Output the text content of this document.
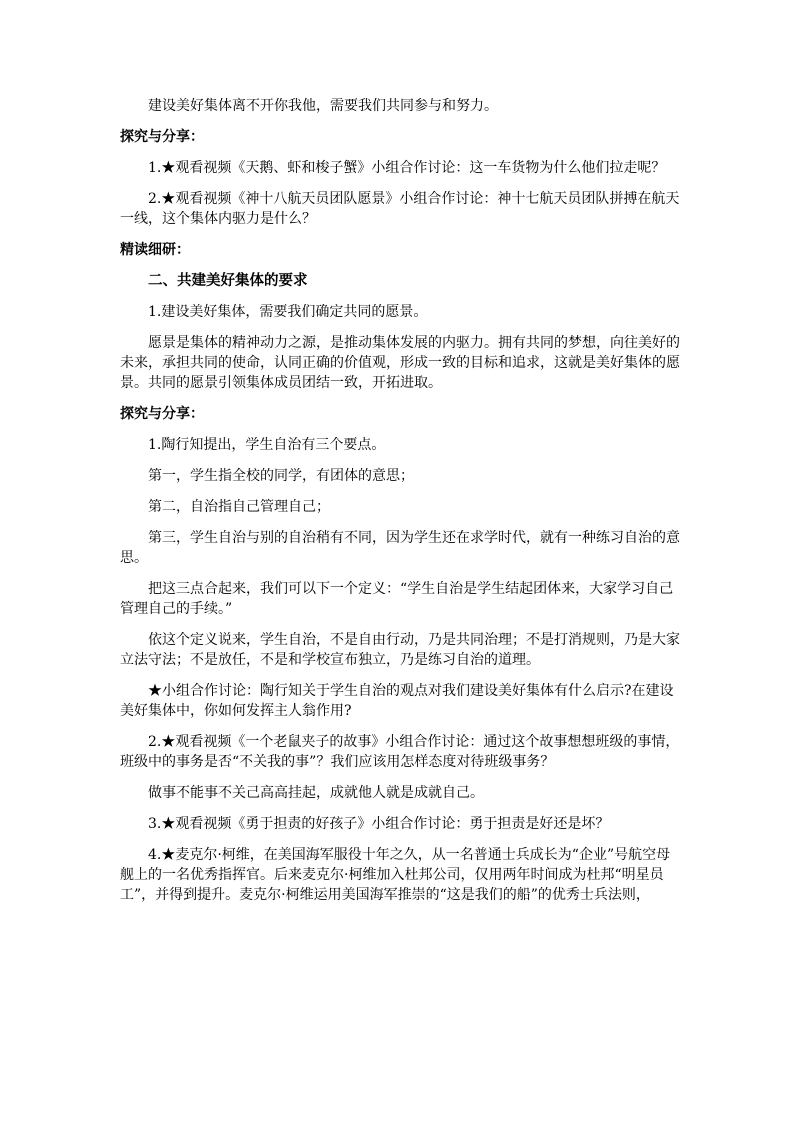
建设美好集体离不开你我他，需要我们共同参与和努力。

探究与分享：

1.★观看视频《天鹅、虾和梭子蟹》小组合作讨论：这一车货物为什么他们拉走呢？

2.★观看视频《神十八航天员团队愿景》小组合作讨论：神十七航天员团队拼搏在航天一线，这个集体内驱力是什么？

精读细研：

二、共建美好集体的要求

1.建设美好集体，需要我们确定共同的愿景。

愿景是集体的精神动力之源，是推动集体发展的内驱力。拥有共同的梦想，向往美好的未来，承担共同的使命，认同正确的价值观，形成一致的目标和追求，这就是美好集体的愿景。共同的愿景引领集体成员团结一致，开拓进取。

探究与分享：

1.陶行知提出，学生自治有三个要点。

第一，学生指全校的同学，有团体的意思；

第二，自治指自己管理自己；

第三，学生自治与别的自治稍有不同，因为学生还在求学时代，就有一种练习自治的意思。

把这三点合起来，我们可以下一个定义：“学生自治是学生结起团体来，大家学习自己管理自己的手续。”

依这个定义说来，学生自治，不是自由行动，乃是共同治理；不是打消规则，乃是大家立法守法；不是放任，不是和学校宣布独立，乃是练习自治的道理。

★小组合作讨论：陶行知关于学生自治的观点对我们建设美好集体有什么启示?在建设美好集体中，你如何发挥主人翁作用?

2.★观看视频《一个老鼠夹子的故事》小组合作讨论：通过这个故事想想班级的事情，班级中的事务是否“不关我的事”？我们应该用怎样态度对待班级事务？

做事不能事不关己高高挂起，成就他人就是成就自己。

3.★观看视频《勇于担责的好孩子》小组合作讨论：勇于担责是好还是坏？

4.★麦克尔·柯维，在美国海军服役十年之久，从一名普通士兵成长为“企业”号航空母舰上的一名优秀指挥官。后来麦克尔·柯维加入杜邦公司，仅用两年时间成为杜邦“明星员工”，并得到提升。麦克尔·柯维运用美国海军推崇的“这是我们的船”的优秀士兵法则，
